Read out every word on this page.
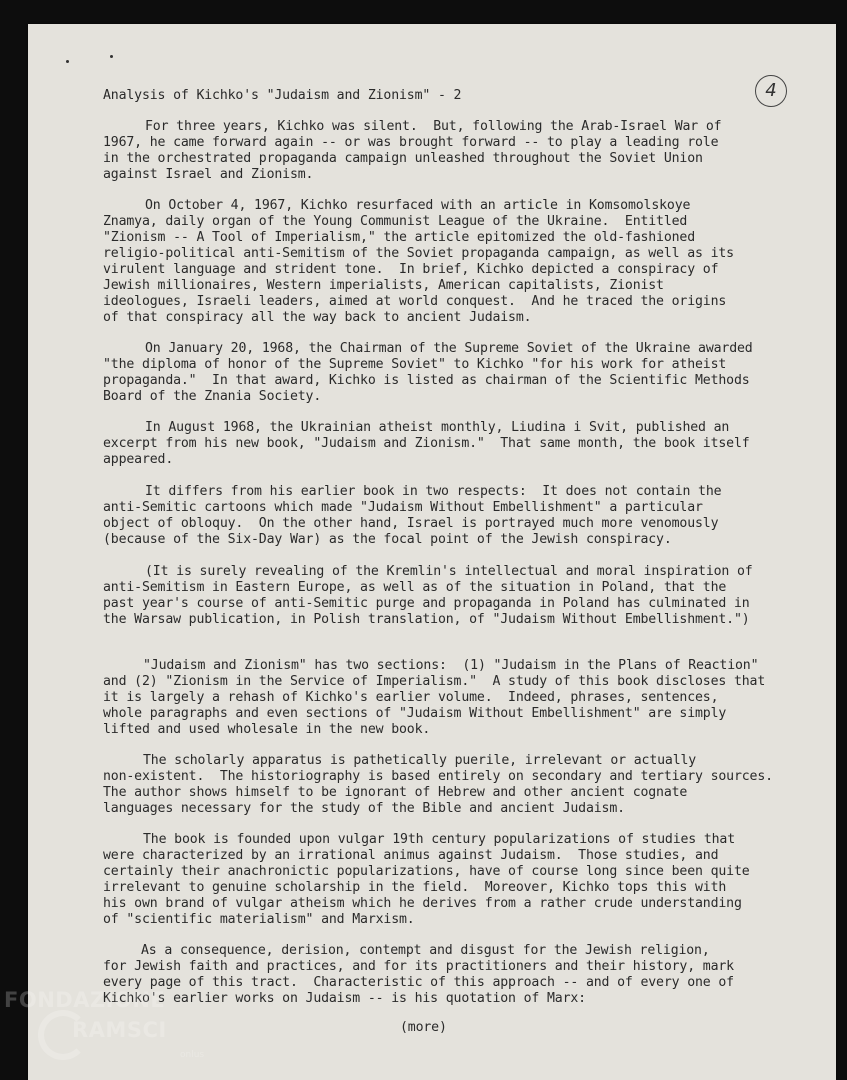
4
Analysis of Kichko's "Judaism and Zionism" - 2
For three years, Kichko was silent.  But, following the Arab-Israel War of
1967, he came forward again -- or was brought forward -- to play a leading role
in the orchestrated propaganda campaign unleashed throughout the Soviet Union
against Israel and Zionism.
On October 4, 1967, Kichko resurfaced with an article in Komsomolskoye
Znamya, daily organ of the Young Communist League of the Ukraine.  Entitled
"Zionism -- A Tool of Imperialism," the article epitomized the old-fashioned
religio-political anti-Semitism of the Soviet propaganda campaign, as well as its
virulent language and strident tone.  In brief, Kichko depicted a conspiracy of
Jewish millionaires, Western imperialists, American capitalists, Zionist
ideologues, Israeli leaders, aimed at world conquest.  And he traced the origins
of that conspiracy all the way back to ancient Judaism.
On January 20, 1968, the Chairman of the Supreme Soviet of the Ukraine awarded
"the diploma of honor of the Supreme Soviet" to Kichko "for his work for atheist
propaganda."  In that award, Kichko is listed as chairman of the Scientific Methods
Board of the Znania Society.
In August 1968, the Ukrainian atheist monthly, Liudina i Svit, published an
excerpt from his new book, "Judaism and Zionism."  That same month, the book itself
appeared.
It differs from his earlier book in two respects:  It does not contain the
anti-Semitic cartoons which made "Judaism Without Embellishment" a particular
object of obloquy.  On the other hand, Israel is portrayed much more venomously
(because of the Six-Day War) as the focal point of the Jewish conspiracy.
(It is surely revealing of the Kremlin's intellectual and moral inspiration of
anti-Semitism in Eastern Europe, as well as of the situation in Poland, that the
past year's course of anti-Semitic purge and propaganda in Poland has culminated in
the Warsaw publication, in Polish translation, of "Judaism Without Embellishment.")
"Judaism and Zionism" has two sections:  (1) "Judaism in the Plans of Reaction"
and (2) "Zionism in the Service of Imperialism."  A study of this book discloses that
it is largely a rehash of Kichko's earlier volume.  Indeed, phrases, sentences,
whole paragraphs and even sections of "Judaism Without Embellishment" are simply
lifted and used wholesale in the new book.
The scholarly apparatus is pathetically puerile, irrelevant or actually
non-existent.  The historiography is based entirely on secondary and tertiary sources.
The author shows himself to be ignorant of Hebrew and other ancient cognate
languages necessary for the study of the Bible and ancient Judaism.
The book is founded upon vulgar 19th century popularizations of studies that
were characterized by an irrational animus against Judaism.  Those studies, and
certainly their anachronictic popularizations, have of course long since been quite
irrelevant to genuine scholarship in the field.  Moreover, Kichko tops this with
his own brand of vulgar atheism which he derives from a rather crude understanding
of "scientific materialism" and Marxism.
As a consequence, derision, contempt and disgust for the Jewish religion,
for Jewish faith and practices, and for its practitioners and their history, mark
every page of this tract.  Characteristic of this approach -- and of every one of
Kichko's earlier works on Judaism -- is his quotation of Marx:
(more)
FONDAZIONE
RAMSCI
onlus
